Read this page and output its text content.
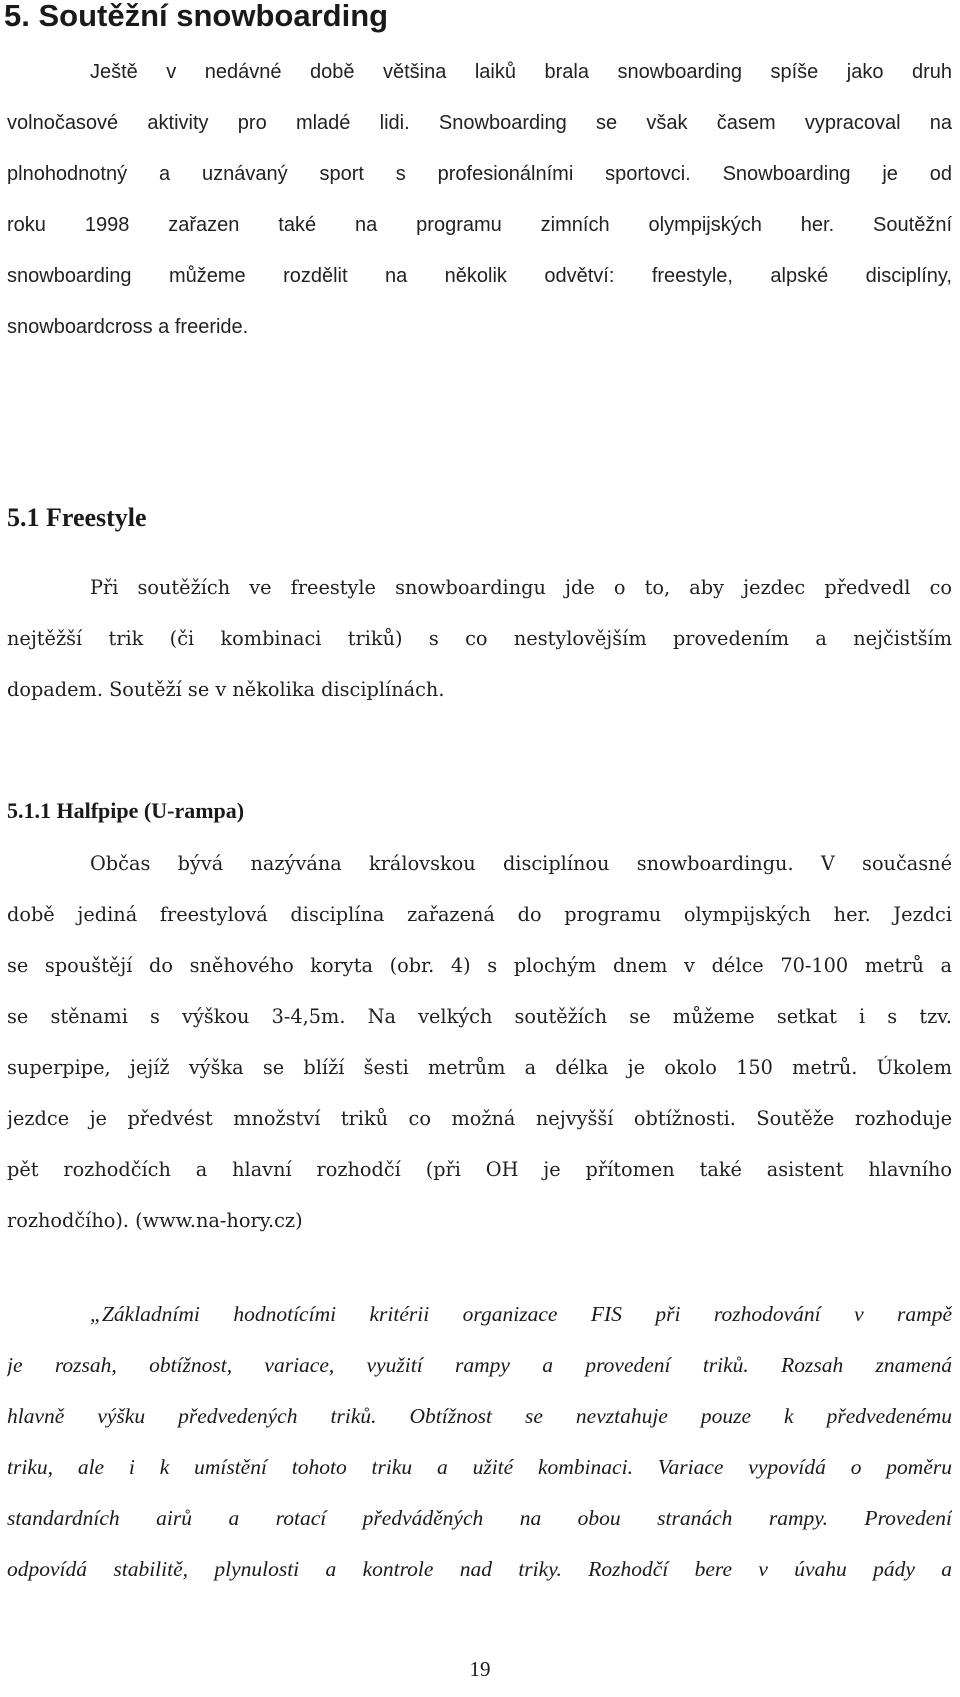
5. Soutěžní snowboarding
Ještě v nedávné době většina laiků brala snowboarding spíše jako druh
volnočasové aktivity pro mladé lidi. Snowboarding se však časem vypracoval na
plnohodnotný a uznávaný sport s profesionálními sportovci. Snowboarding je od
roku 1998 zařazen také na programu zimních olympijských her. Soutěžní
snowboarding můžeme rozdělit na několik odvětví: freestyle, alpské disciplíny,
snowboardcross a freeride.
5.1 Freestyle
Při soutěžích ve freestyle snowboardingu jde o to, aby jezdec předvedl co
nejtěžší trik (či kombinaci triků) s co nestylovějším provedením a nejčistším
dopadem. Soutěží se v několika disciplínách.
5.1.1 Halfpipe (U-rampa)
Občas bývá nazývána královskou disciplínou snowboardingu. V současné
době jediná freestylová disciplína zařazená do programu olympijských her. Jezdci
se spouštějí do sněhového koryta (obr. 4) s plochým dnem v délce 70-100 metrů a
se stěnami s výškou 3-4,5m. Na velkých soutěžích se můžeme setkat i s tzv.
superpipe, jejíž výška se blíží šesti metrům a délka je okolo 150 metrů. Úkolem
jezdce je předvést množství triků co možná nejvyšší obtížnosti. Soutěže rozhoduje
pět rozhodčích a hlavní rozhodčí (při OH je přítomen také asistent hlavního
rozhodčího). (www.na-hory.cz)
„Základními hodnotícími kritérii organizace FIS při rozhodování v rampě
je rozsah, obtížnost, variace, využití rampy a provedení triků. Rozsah znamená
hlavně výšku předvedených triků. Obtížnost se nevztahuje pouze k předvedenému
triku, ale i k umístění tohoto triku a užité kombinaci. Variace vypovídá o poměru
standardních airů a rotací předváděných na obou stranách rampy. Provedení
odpovídá stabilitě, plynulosti a kontrole nad triky. Rozhodčí bere v úvahu pády a
19
